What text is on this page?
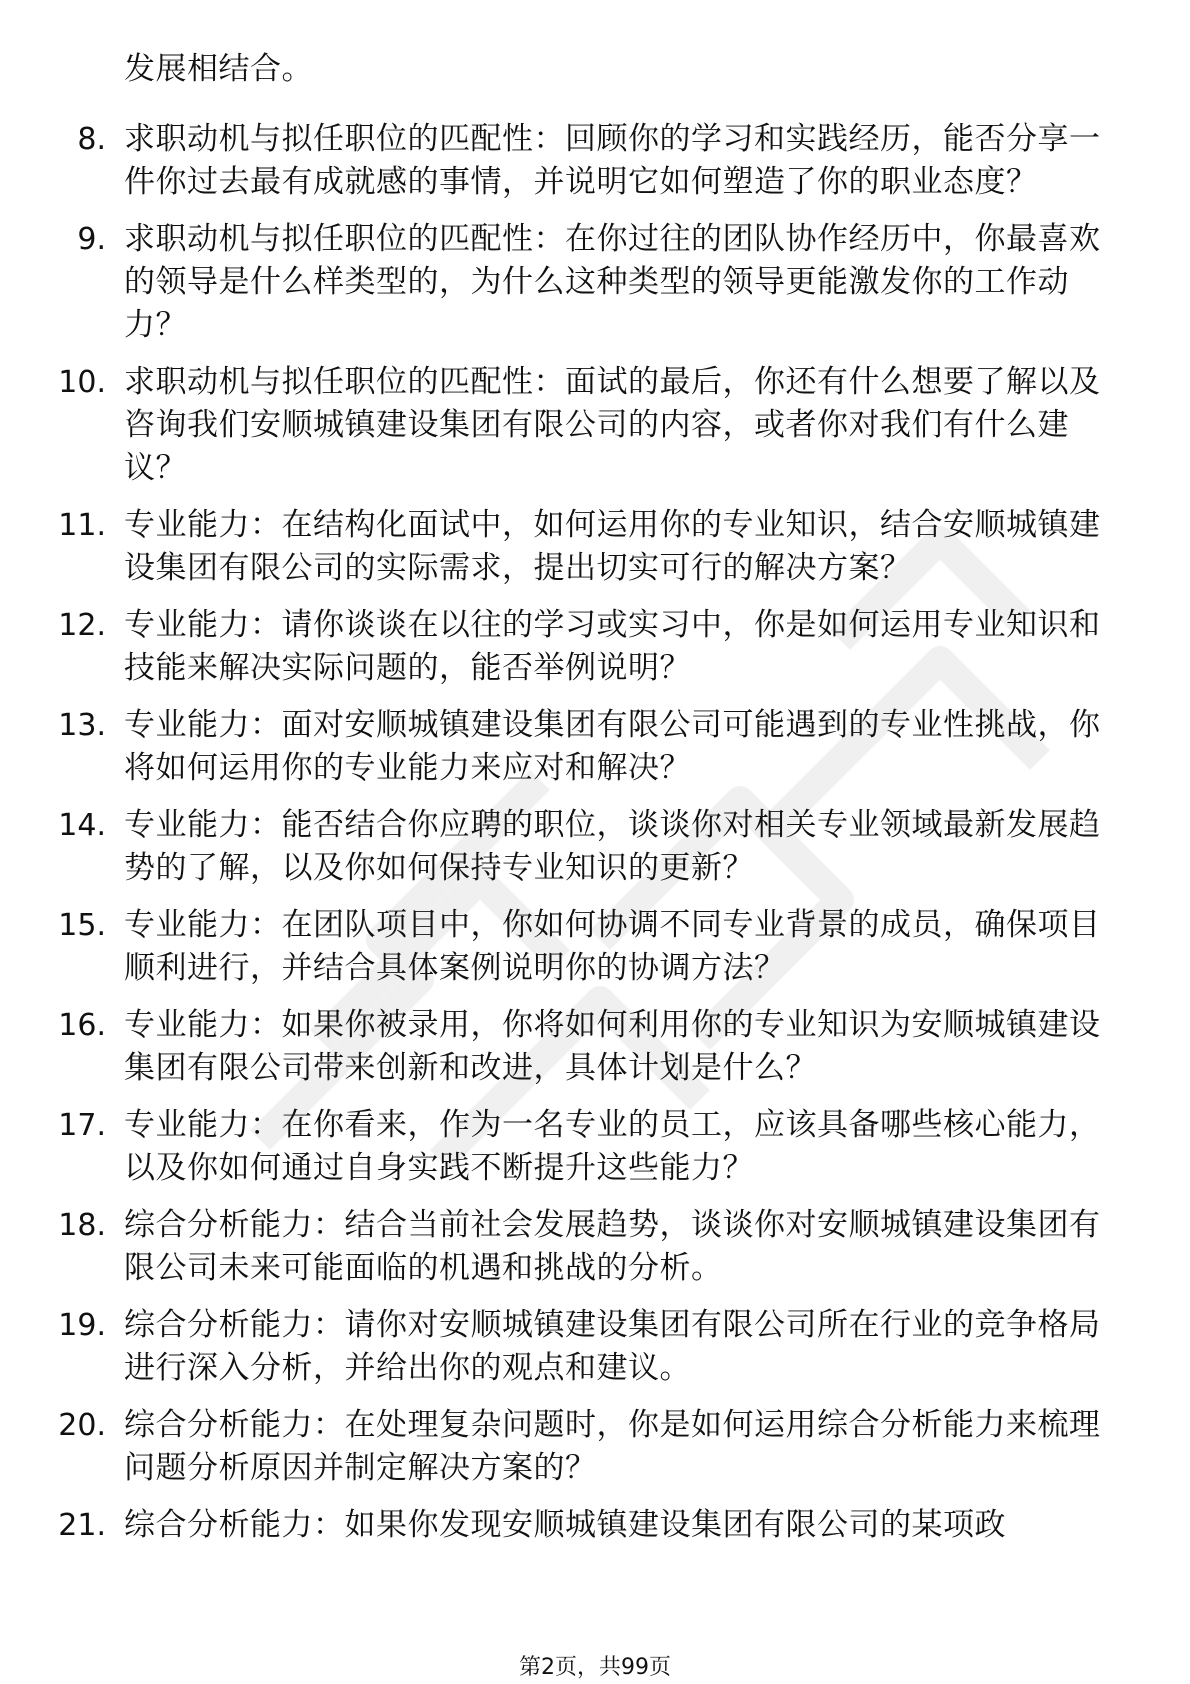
发展相结合。
8. 求职动机与拟任职位的匹配性：回顾你的学习和实践经历，能否分享一件你过去最有成就感的事情，并说明它如何塑造了你的职业态度？
9. 求职动机与拟任职位的匹配性：在你过往的团队协作经历中，你最喜欢的领导是什么样类型的，为什么这种类型的领导更能激发你的工作动力？
10. 求职动机与拟任职位的匹配性：面试的最后，你还有什么想要了解以及咨询我们安顺城镇建设集团有限公司的内容，或者你对我们有什么建议？
11. 专业能力：在结构化面试中，如何运用你的专业知识，结合安顺城镇建设集团有限公司的实际需求，提出切实可行的解决方案？
12. 专业能力：请你谈谈在以往的学习或实习中，你是如何运用专业知识和技能来解决实际问题的，能否举例说明？
13. 专业能力：面对安顺城镇建设集团有限公司可能遇到的专业性挑战，你将如何运用你的专业能力来应对和解决？
14. 专业能力：能否结合你应聘的职位，谈谈你对相关专业领域最新发展趋势的了解，以及你如何保持专业知识的更新？
15. 专业能力：在团队项目中，你如何协调不同专业背景的成员，确保项目顺利进行，并结合具体案例说明你的协调方法？
16. 专业能力：如果你被录用，你将如何利用你的专业知识为安顺城镇建设集团有限公司带来创新和改进，具体计划是什么？
17. 专业能力：在你看来，作为一名专业的员工，应该具备哪些核心能力，以及你如何通过自身实践不断提升这些能力？
18. 综合分析能力：结合当前社会发展趋势，谈谈你对安顺城镇建设集团有限公司未来可能面临的机遇和挑战的分析。
19. 综合分析能力：请你对安顺城镇建设集团有限公司所在行业的竞争格局进行深入分析，并给出你的观点和建议。
20. 综合分析能力：在处理复杂问题时，你是如何运用综合分析能力来梳理问题分析原因并制定解决方案的？
21. 综合分析能力：如果你发现安顺城镇建设集团有限公司的某项政
第2页，共99页
